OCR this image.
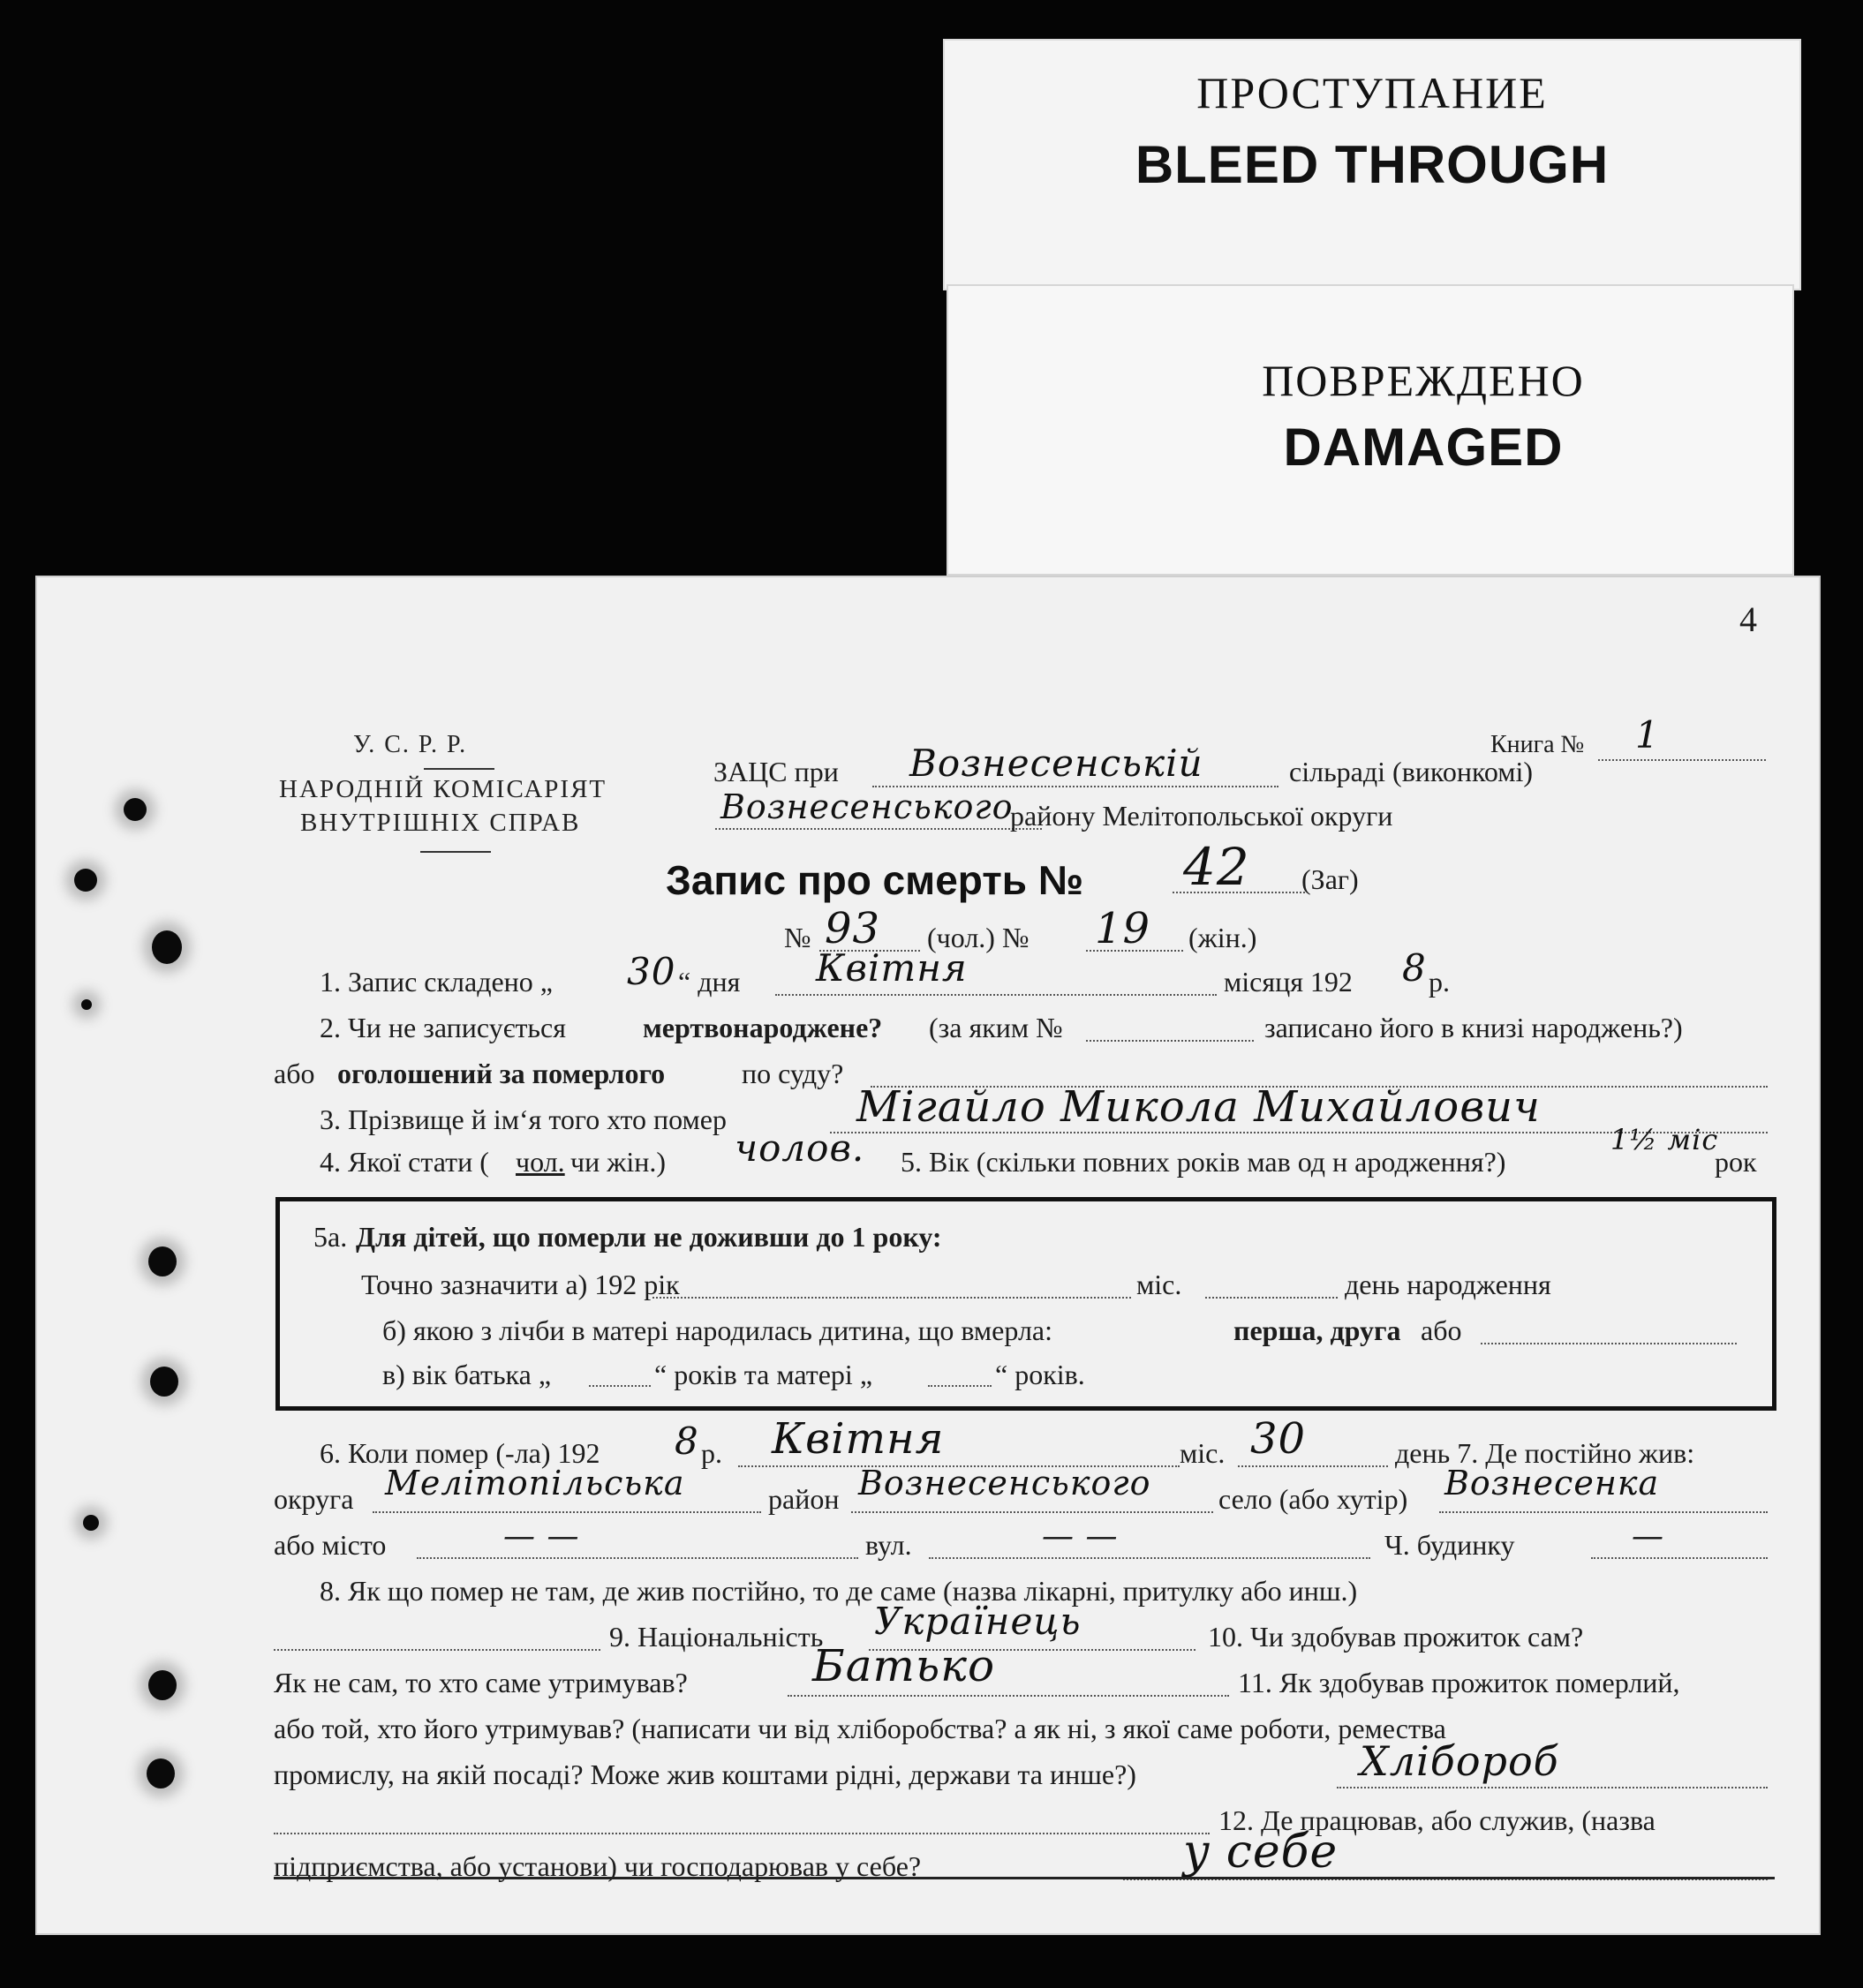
ПРОСТУПАНИЕ
BLEED THROUGH
ПОВРЕЖДЕНО
DAMAGED
4
У. С. Р. Р.
НАРОДНІЙ КОМІСАРІЯТ
ВНУТРІШНІХ СПРАВ
Книга № 1
ЗАЦС при Вознесенській	сільраді (виконкомі)
Вознесенського
району Мелітопольської округи
Запис про смерть № 42 (Заг)
№ 93 (чол.) № 19 (жін.)
1. Запис складено „ 30 “ дня Квітня	місяця 192 8 р.
2. Чи не записується	мертвонароджене? (за яким №	записано його в книзі народжень?)
або оголошений за померлого	по суду?
3. Прізвище й ім‘я того хто помер	Мігайло Микола Михайлович
4. Якої стати ( чол. чи жін.) чолов. 5. Вік (скільки повних років мав од н ародження?)
1½ міс
рок
5а. Для дітей, що померли не доживши до 1 року:
Точно зазначити а) 192 рік	міс.	день народження
б) якою з лічби в матері народилась дитина, що вмерла:	перша, друга або
в) вік батька „	“ років та матері „	“ років.
6. Коли помер (-ла) 192 8 р. Квітня	міс. 30	день 7. Де постійно жив:
округа Мелітопільська	район Вознесенського село (або хутір) Вознесенка
або місто	— —	вул.	— —	Ч. будинку	—
8. Як що помер не там, де жив постійно, то де саме (назва лікарні, притулку або инш.)
9. Національність Українець	10. Чи здобував прожиток сам?
Як не сам, то хто саме утримував?	Батько	11. Як здобував прожиток померлий,
або той, хто його утримував? (написати чи від хліборобства? а як ні, з якої саме роботи, ремества
промислу, на якій посаді? Може жив коштами рідні, держави та инше?)	Хлібороб
12. Де працював, або служив, (назва
підприємства, або установи) чи господарював у себе?	у себе
